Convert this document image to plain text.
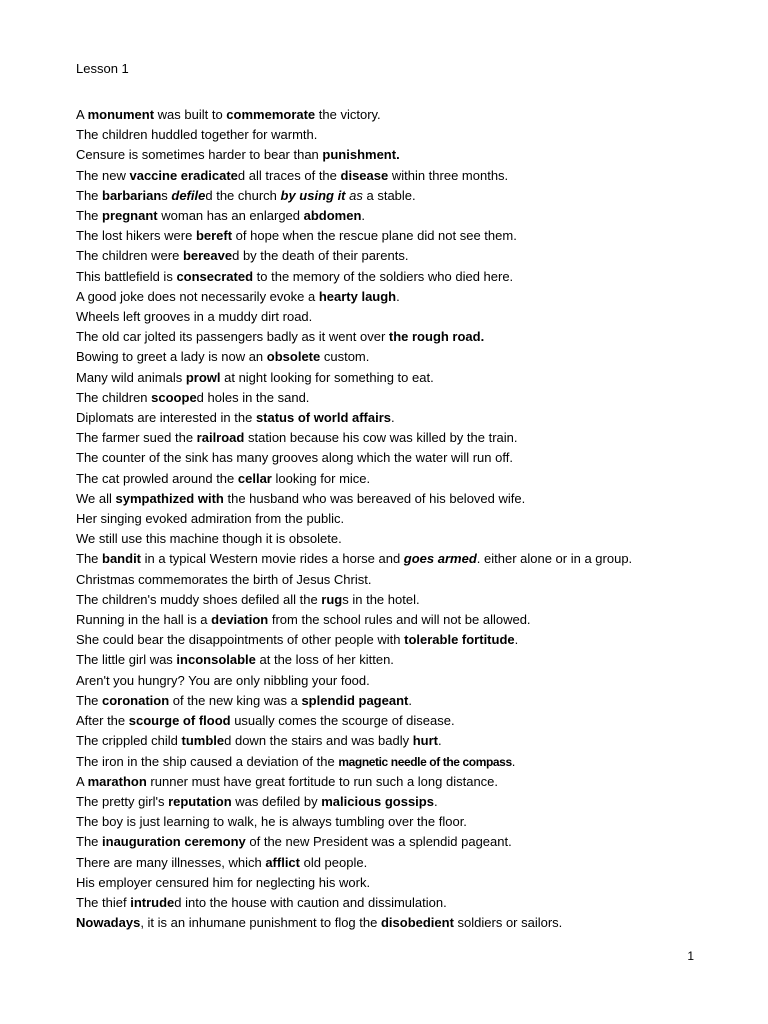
Lesson 1
A monument was built to commemorate the victory.
The children huddled together for warmth.
Censure is sometimes harder to bear than punishment.
The new vaccine eradicated all traces of the disease within three months.
The barbarians defiled the church by using it as a stable.
The pregnant woman has an enlarged abdomen.
The lost hikers were bereft of hope when the rescue plane did not see them.
The children were bereaved by the death of their parents.
This battlefield is consecrated to the memory of the soldiers who died here.
A good joke does not necessarily evoke a hearty laugh.
Wheels left grooves in a muddy dirt road.
The old car jolted its passengers badly as it went over the rough road.
Bowing to greet a lady is now an obsolete custom.
Many wild animals prowl at night looking for something to eat.
The children scooped holes in the sand.
Diplomats are interested in the status of world affairs.
The farmer sued the railroad station because his cow was killed by the train.
The counter of the sink has many grooves along which the water will run off.
The cat prowled around the cellar looking for mice.
We all sympathized with the husband who was bereaved of his beloved wife.
Her singing evoked admiration from the public.
We still use this machine though it is obsolete.
The bandit in a typical Western movie rides a horse and goes armed. either alone or in a group.
Christmas commemorates the birth of Jesus Christ.
The children's muddy shoes defiled all the rugs in the hotel.
Running in the hall is a deviation from the school rules and will not be allowed.
She could bear the disappointments of other people with tolerable fortitude.
The little girl was inconsolable at the loss of her kitten.
Aren't you hungry? You are only nibbling your food.
The coronation of the new king was a splendid pageant.
After the scourge of flood usually comes the scourge of disease.
The crippled child tumbled down the stairs and was badly hurt.
The iron in the ship caused a deviation of the magnetic needle of the compass.
A marathon runner must have great fortitude to run such a long distance.
The pretty girl's reputation was defiled by malicious gossips.
The boy is just learning to walk, he is always tumbling over the floor.
The inauguration ceremony of the new President was a splendid pageant.
There are many illnesses, which afflict old people.
His employer censured him for neglecting his work.
The thief intruded into the house with caution and dissimulation.
Nowadays, it is an inhumane punishment to flog the disobedient soldiers or sailors.
1
